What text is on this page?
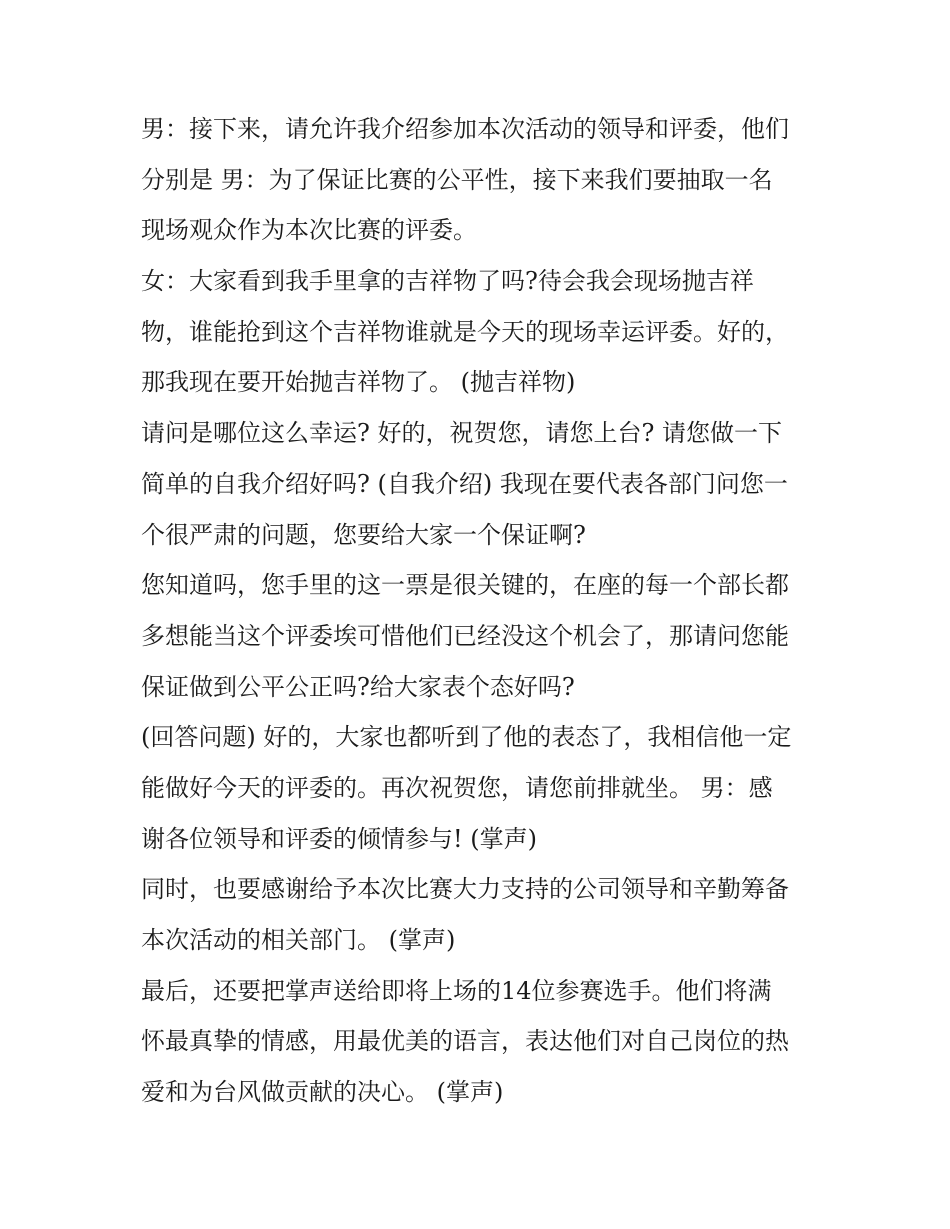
男：接下来，请允许我介绍参加本次活动的领导和评委，他们
分别是 男：为了保证比赛的公平性，接下来我们要抽取一名
现场观众作为本次比赛的评委。
女：大家看到我手里拿的吉祥物了吗?待会我会现场抛吉祥
物，谁能抢到这个吉祥物谁就是今天的现场幸运评委。好的，
那我现在要开始抛吉祥物了。 (抛吉祥物)
请问是哪位这么幸运? 好的，祝贺您，请您上台? 请您做一下
简单的自我介绍好吗? (自我介绍) 我现在要代表各部门问您一
个很严肃的问题，您要给大家一个保证啊?
您知道吗，您手里的这一票是很关键的，在座的每一个部长都
多想能当这个评委埃可惜他们已经没这个机会了，那请问您能
保证做到公平公正吗?给大家表个态好吗?
(回答问题) 好的，大家也都听到了他的表态了，我相信他一定
能做好今天的评委的。再次祝贺您，请您前排就坐。 男：感
谢各位领导和评委的倾情参与! (掌声)
同时，也要感谢给予本次比赛大力支持的公司领导和辛勤筹备
本次活动的相关部门。 (掌声)
最后，还要把掌声送给即将上场的14位参赛选手。他们将满
怀最真挚的情感，用最优美的语言，表达他们对自己岗位的热
爱和为台风做贡献的决心。 (掌声)
